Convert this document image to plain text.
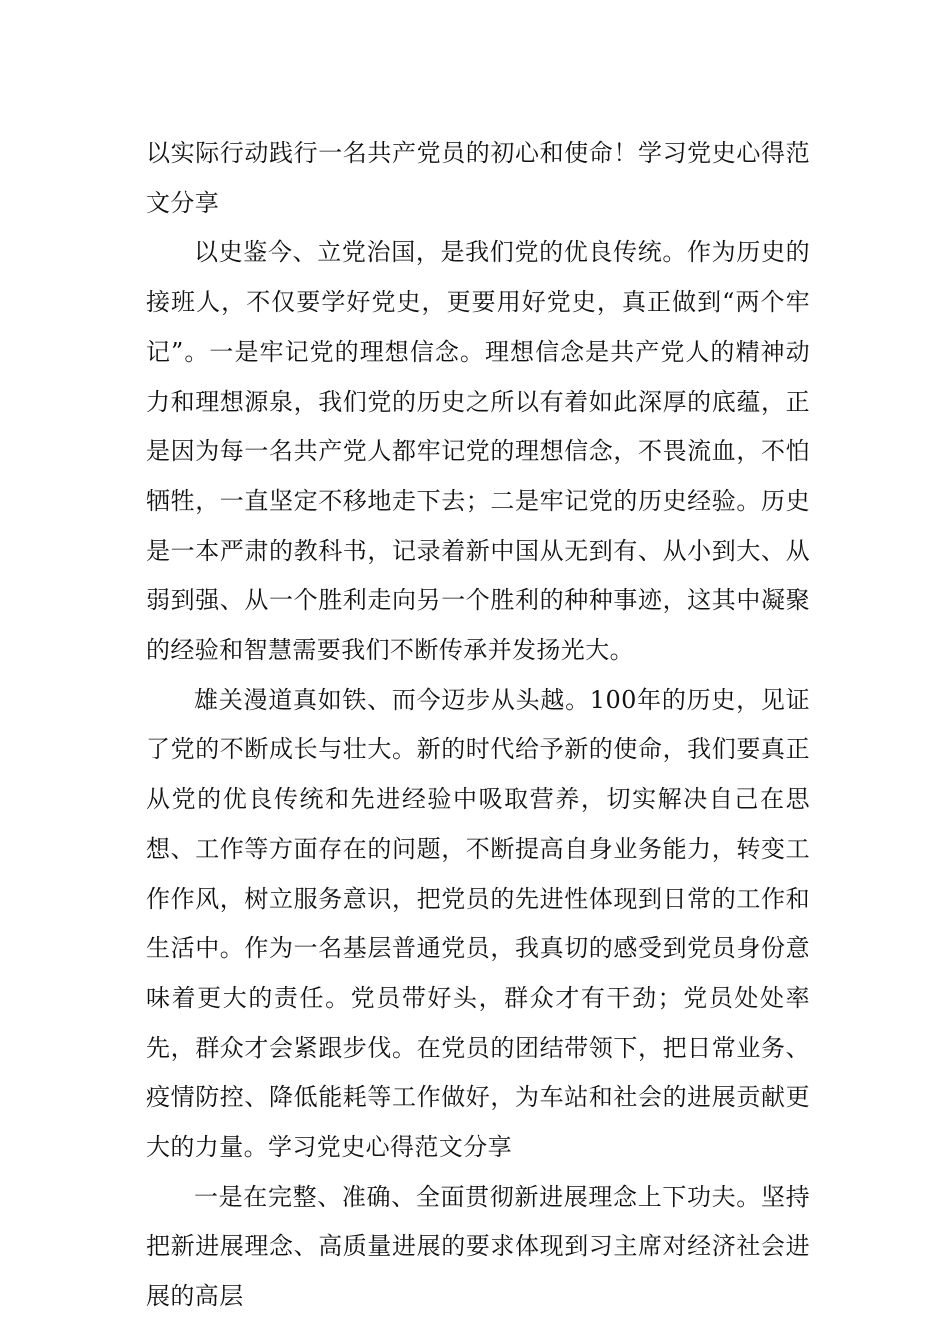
以实际行动践行一名共产党员的初心和使命！学习党史心得范文分享

以史鉴今、立党治国，是我们党的优良传统。作为历史的接班人，不仅要学好党史，更要用好党史，真正做到“两个牢记”。一是牢记党的理想信念。理想信念是共产党人的精神动力和理想源泉，我们党的历史之所以有着如此深厚的底蕴，正是因为每一名共产党人都牢记党的理想信念，不畏流血，不怕牺牲，一直坚定不移地走下去；二是牢记党的历史经验。历史是一本严肃的教科书，记录着新中国从无到有、从小到大、从弱到强、从一个胜利走向另一个胜利的种种事迹，这其中凝聚的经验和智慧需要我们不断传承并发扬光大。

雄关漫道真如铁、而今迈步从头越。100年的历史，见证了党的不断成长与壮大。新的时代给予新的使命，我们要真正从党的优良传统和先进经验中吸取营养，切实解决自己在思想、工作等方面存在的问题，不断提高自身业务能力，转变工作作风，树立服务意识，把党员的先进性体现到日常的工作和生活中。作为一名基层普通党员，我真切的感受到党员身份意味着更大的责任。党员带好头，群众才有干劲；党员处处率先，群众才会紧跟步伐。在党员的团结带领下，把日常业务、疫情防控、降低能耗等工作做好，为车站和社会的进展贡献更大的力量。学习党史心得范文分享

一是在完整、准确、全面贯彻新进展理念上下功夫。坚持把新进展理念、高质量进展的要求体现到习主席对经济社会进展的高层
